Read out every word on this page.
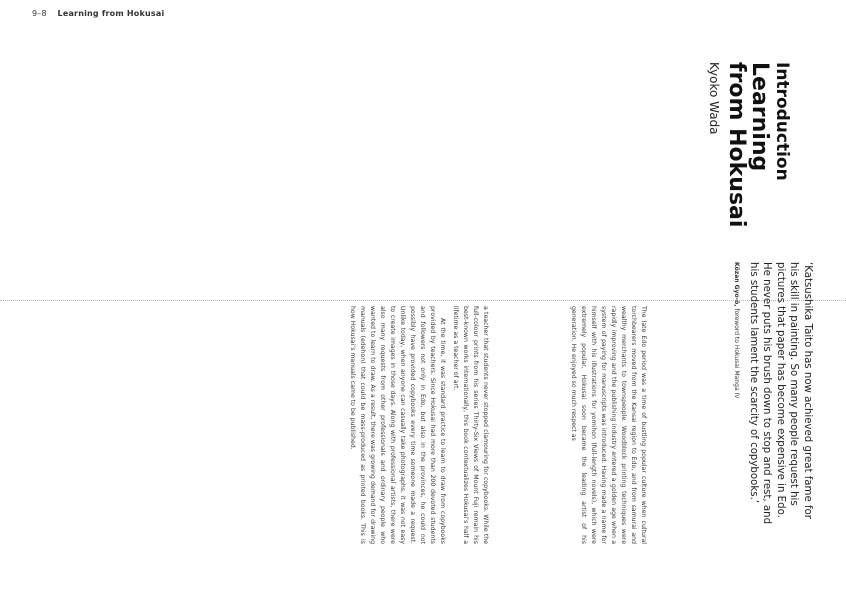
9–8 Learning from Hokusai
Introduction
Learning
from Hokusai
Kyoko Wada
‘Katsushika Taito has now achieved great fame for his skill in painting. So many people request his pictures that paper has become expensive in Edo. He never puts his brush down to stop and rest, and his students lament the scarcity of copybooks.’
Kōzan Gyo-ō, foreword to Hokusai Manga IV

The late Edo period was a time of bustling popular culture when cultural torchbearers moved from the Kansai region to Edo, and from samurai and wealthy merchants to townspeople. Woodblock printing techniques were rapidly improving and the publishing industry entered a golden age when a system of paying for manuscripts was introduced. Having made a name for himself with his illustrations for yomihon (full-length novels), which were extremely popular, Hokusai soon became the leading artist of his generation. He enjoyed so much respect as

a teacher that students never stopped clamouring for copybooks. While the full-colour prints from his series Thirty-Six Views of Mount Fuji remain his best-known works internationally, this book contextualizes Hokusai’s half a lifetime as a teacher of art.

At the time, it was standard practice to learn to draw from copybooks provided by teachers. Since Hokusai had more than 200 devoted students and followers not only in Edo, but also in the provinces, he could not possibly have provided copybooks every time someone made a request. Unlike today, when anyone can casually take photographs, it was not easy to create images in those days. Along with professional artists, there were also many requests from other professionals and ordinary people who wanted to learn to draw. As a result, there was growing demand for drawing manuals (edehon) that could be mass-produced as printed books. This is how Hokusai’s manuals came to be published.
